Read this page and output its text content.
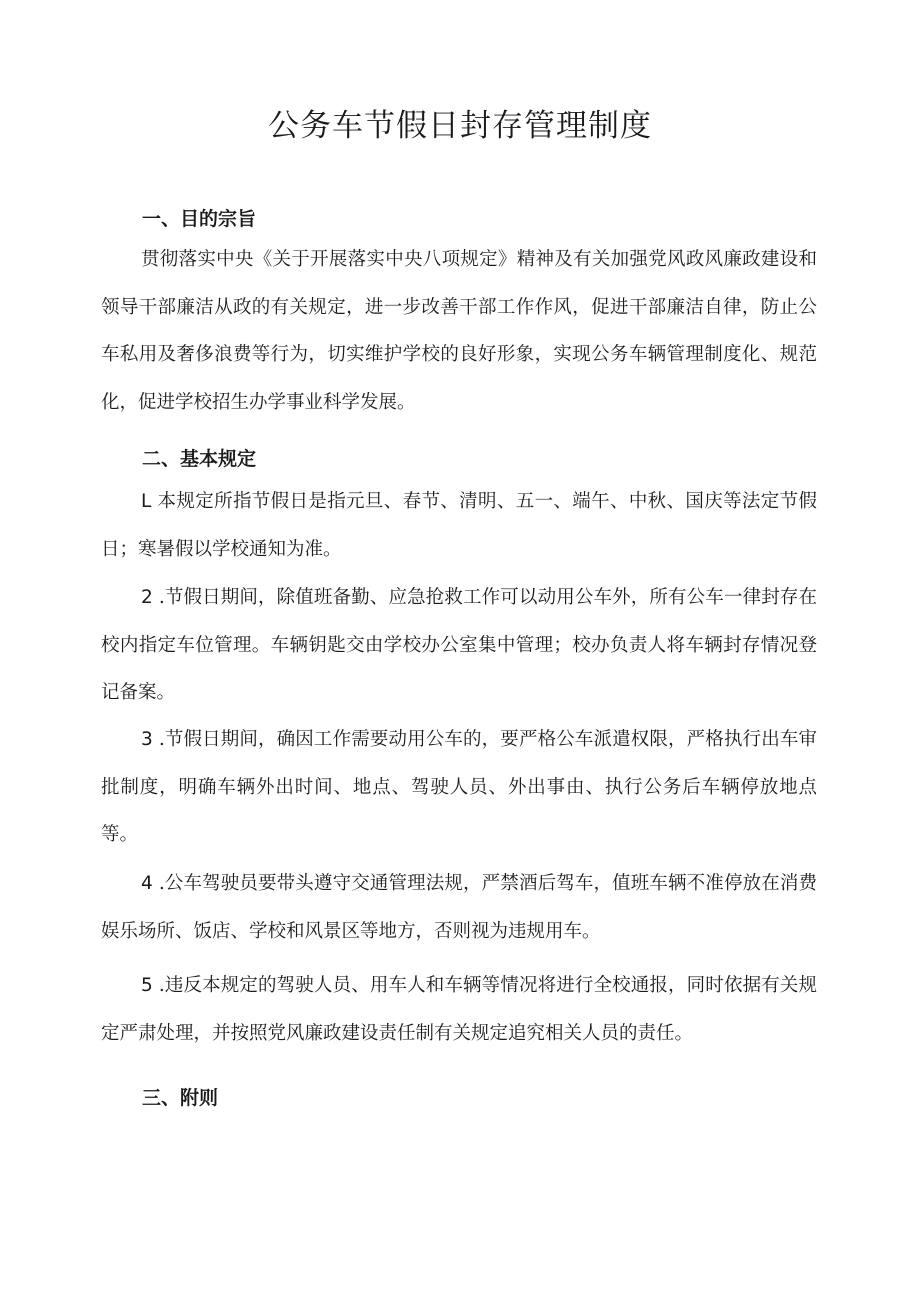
公务车节假日封存管理制度
一、目的宗旨

贯彻落实中央《关于开展落实中央八项规定》精神及有关加强党风政风廉政建设和领导干部廉洁从政的有关规定，进一步改善干部工作作风，促进干部廉洁自律，防止公车私用及奢侈浪费等行为，切实维护学校的良好形象，实现公务车辆管理制度化、规范化，促进学校招生办学事业科学发展。

二、基本规定

L 本规定所指节假日是指元旦、春节、清明、五一、端午、中秋、国庆等法定节假日；寒暑假以学校通知为准。

2 .节假日期间，除值班备勤、应急抢救工作可以动用公车外，所有公车一律封存在校内指定车位管理。车辆钥匙交由学校办公室集中管理；校办负责人将车辆封存情况登记备案。

3 .节假日期间，确因工作需要动用公车的，要严格公车派遣权限，严格执行出车审批制度，明确车辆外出时间、地点、驾驶人员、外出事由、执行公务后车辆停放地点等。

4 .公车驾驶员要带头遵守交通管理法规，严禁酒后驾车，值班车辆不准停放在消费娱乐场所、饭店、学校和风景区等地方，否则视为违规用车。

5 .违反本规定的驾驶人员、用车人和车辆等情况将进行全校通报，同时依据有关规定严肃处理，并按照党风廉政建设责任制有关规定追究相关人员的责任。

三、附则
